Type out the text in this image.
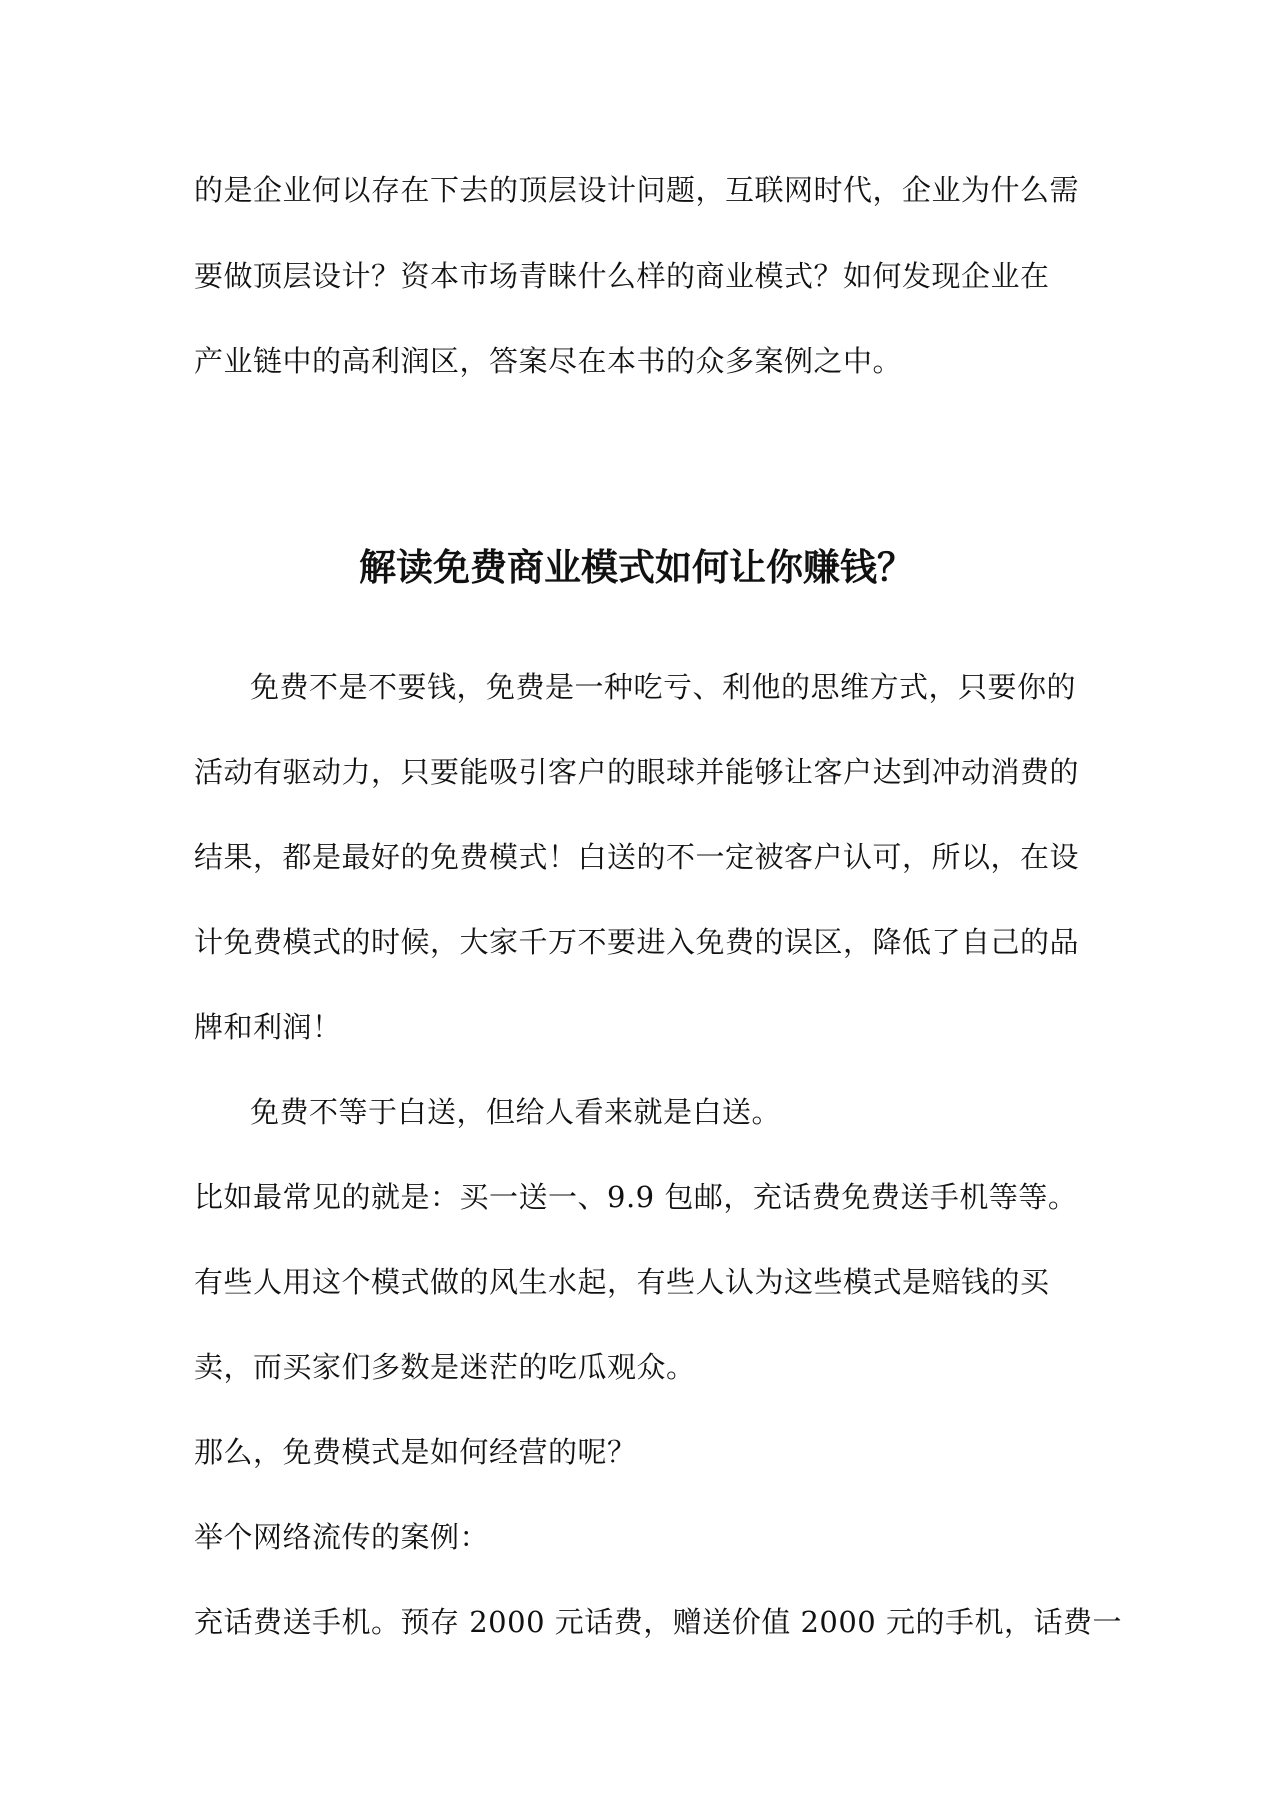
的是企业何以存在下去的顶层设计问题，互联网时代，企业为什么需
要做顶层设计？资本市场青睐什么样的商业模式？如何发现企业在
产业链中的高利润区，答案尽在本书的众多案例之中。
解读免费商业模式如何让你赚钱？
免费不是不要钱，免费是一种吃亏、利他的思维方式，只要你的
活动有驱动力，只要能吸引客户的眼球并能够让客户达到冲动消费的
结果，都是最好的免费模式！白送的不一定被客户认可，所以，在设
计免费模式的时候，大家千万不要进入免费的误区，降低了自己的品
牌和利润！
免费不等于白送，但给人看来就是白送。
比如最常见的就是：买一送一、9.9 包邮，充话费免费送手机等等。
有些人用这个模式做的风生水起，有些人认为这些模式是赔钱的买
卖，而买家们多数是迷茫的吃瓜观众。
那么，免费模式是如何经营的呢？
举个网络流传的案例：
充话费送手机。预存 2000 元话费，赠送价值 2000 元的手机，话费一
